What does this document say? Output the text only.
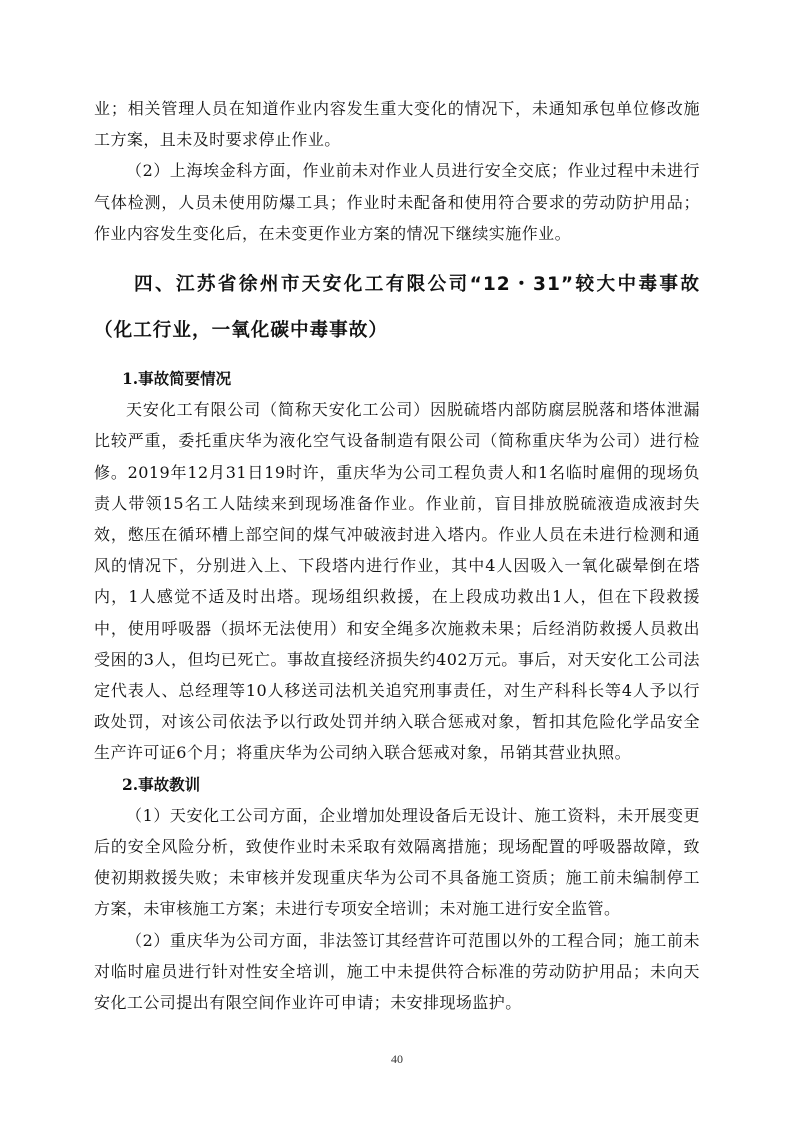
业；相关管理人员在知道作业内容发生重大变化的情况下，未通知承包单位修改施工方案，且未及时要求停止作业。

（2）上海埃金科方面，作业前未对作业人员进行安全交底；作业过程中未进行气体检测，人员未使用防爆工具；作业时未配备和使用符合要求的劳动防护用品；作业内容发生变化后，在未变更作业方案的情况下继续实施作业。

四、江苏省徐州市天安化工有限公司“12・31”较大中毒事故（化工行业，一氧化碳中毒事故）
1.事故简要情况

天安化工有限公司（简称天安化工公司）因脱硫塔内部防腐层脱落和塔体泄漏比较严重，委托重庆华为液化空气设备制造有限公司（简称重庆华为公司）进行检修。2019年12月31日19时许，重庆华为公司工程负责人和1名临时雇佣的现场负责人带领15名工人陆续来到现场准备作业。作业前，盲目排放脱硫液造成液封失效，憋压在循环槽上部空间的煤气冲破液封进入塔内。作业人员在未进行检测和通风的情况下，分别进入上、下段塔内进行作业，其中4人因吸入一氧化碳晕倒在塔内，1人感觉不适及时出塔。现场组织救援，在上段成功救出1人，但在下段救援中，使用呼吸器（损坏无法使用）和安全绳多次施救未果；后经消防救援人员救出受困的3人，但均已死亡。事故直接经济损失约402万元。事后，对天安化工公司法定代表人、总经理等10人移送司法机关追究刑事责任，对生产科科长等4人予以行政处罚，对该公司依法予以行政处罚并纳入联合惩戒对象，暂扣其危险化学品安全生产许可证6个月；将重庆华为公司纳入联合惩戒对象，吊销其营业执照。

2.事故教训

（1）天安化工公司方面，企业增加处理设备后无设计、施工资料，未开展变更后的安全风险分析，致使作业时未采取有效隔离措施；现场配置的呼吸器故障，致使初期救援失败；未审核并发现重庆华为公司不具备施工资质；施工前未编制停工方案，未审核施工方案；未进行专项安全培训；未对施工进行安全监管。

（2）重庆华为公司方面，非法签订其经营许可范围以外的工程合同；施工前未对临时雇员进行针对性安全培训，施工中未提供符合标准的劳动防护用品；未向天安化工公司提出有限空间作业许可申请；未安排现场监护。

40
